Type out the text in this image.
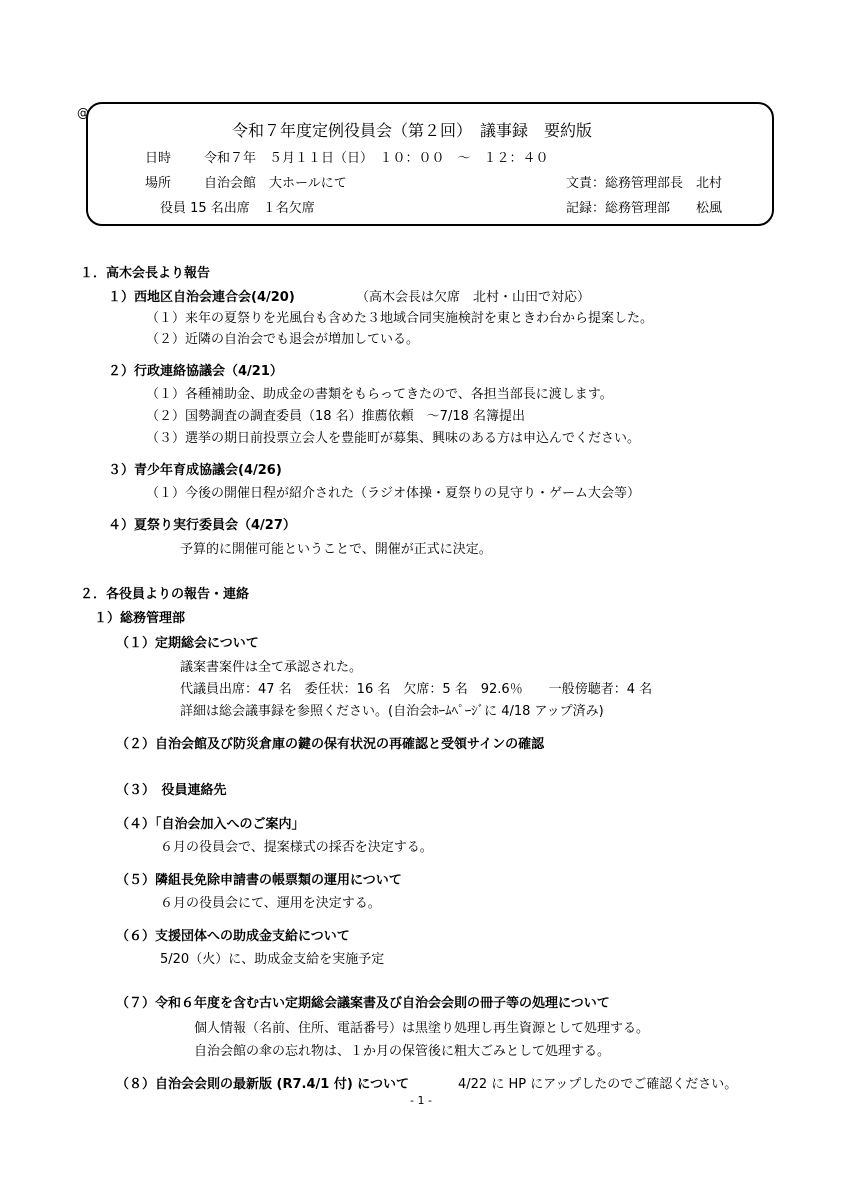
@
令和７年度定例役員会（第２回）　議事録　要約版
日時	令和７年　５月１１日（日）　１０：００　～　１２：４０
場所	自治会館　大ホールにて	文責：総務管理部長　北村
役員 15 名出席　１名欠席	記録：総務管理部　　松風
１．高木会長より報告
１）西地区自治会連合会(4/20)	（高木会長は欠席　北村・山田で対応）
（１）来年の夏祭りを光風台も含めた３地域合同実施検討を東ときわ台から提案した。
（２）近隣の自治会でも退会が増加している。
２）行政連絡協議会（4/21）
（１）各種補助金、助成金の書類をもらってきたので、各担当部長に渡します。
（２）国勢調査の調査委員（18 名）推薦依頼　～7/18 名簿提出
（３）選挙の期日前投票立会人を豊能町が募集、興味のある方は申込んでください。
３）青少年育成協議会(4/26)
（１）今後の開催日程が紹介された（ラジオ体操・夏祭りの見守り・ゲーム大会等）
４）夏祭り実行委員会（4/27）
予算的に開催可能ということで、開催が正式に決定。
２．各役員よりの報告・連絡
１）総務管理部
（１）定期総会について
議案書案件は全て承認された。
代議員出席：47 名　委任状：16 名　欠席：5 名　92.6％　　一般傍聴者：4 名
詳細は総会議事録を参照ください。(自治会ﾎｰﾑﾍﾟｰｼﾞに 4/18 アップ済み)
（２）自治会館及び防災倉庫の鍵の保有状況の再確認と受領サインの確認
（３）　役員連絡先
（４）「自治会加入へのご案内」
６月の役員会で、提案様式の採否を決定する。
（５）隣組長免除申請書の帳票類の運用について
６月の役員会にて、運用を決定する。
（６）支援団体への助成金支給について
5/20（火）に、助成金支給を実施予定
（７）令和６年度を含む古い定期総会議案書及び自治会会則の冊子等の処理について
個人情報（名前、住所、電話番号）は黒塗り処理し再生資源として処理する。
自治会館の傘の忘れ物は、１か月の保管後に粗大ごみとして処理する。
（８）自治会会則の最新版 (R7.4/1 付) について	4/22 に HP にアップしたのでご確認ください。
- 1 -
